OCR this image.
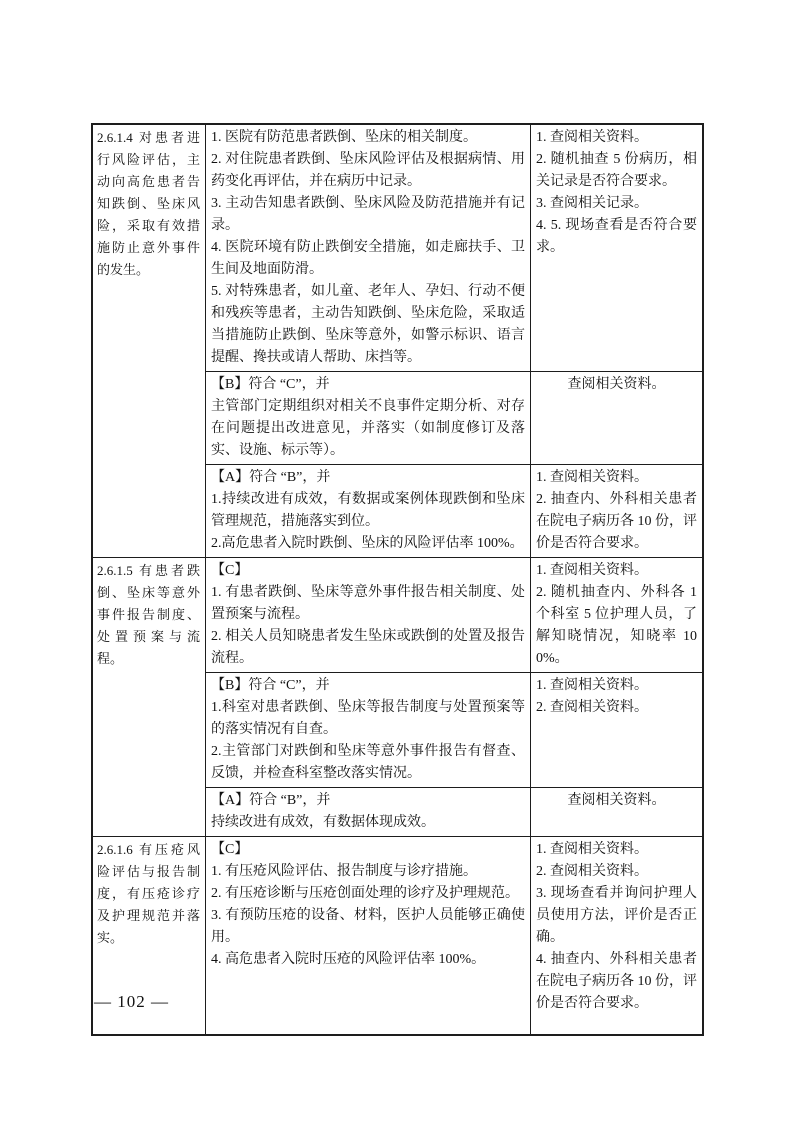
2.6.1.4 对患者进行风险评估，主动向高危患者告知跌倒、坠床风险，采取有效措施防止意外事件的发生。

1. 医院有防范患者跌倒、坠床的相关制度。

2. 对住院患者跌倒、坠床风险评估及根据病情、用药变化再评估，并在病历中记录。

3. 主动告知患者跌倒、坠床风险及防范措施并有记录。

4. 医院环境有防止跌倒安全措施，如走廊扶手、卫生间及地面防滑。

5. 对特殊患者，如儿童、老年人、孕妇、行动不便和残疾等患者，主动告知跌倒、坠床危险，采取适当措施防止跌倒、坠床等意外，如警示标识、语言提醒、搀扶或请人帮助、床挡等。

1. 查阅相关资料。

2. 随机抽查 5 份病历，相关记录是否符合要求。

3. 查阅相关记录。

4. 5. 现场查看是否符合要求。

【B】符合 “C”，并

主管部门定期组织对相关不良事件定期分析、对存在问题提出改进意见，并落实（如制度修订及落实、设施、标示等）。

查阅相关资料。

【A】符合 “B”，并

1.持续改进有成效，有数据或案例体现跌倒和坠床管理规范，措施落实到位。

2.高危患者入院时跌倒、坠床的风险评估率 100%。

1. 查阅相关资料。

2. 抽查内、外科相关患者在院电子病历各 10 份，评价是否符合要求。

2.6.1.5 有患者跌倒、坠床等意外事件报告制度、处置预案与流程。

【C】

1. 有患者跌倒、坠床等意外事件报告相关制度、处置预案与流程。

2. 相关人员知晓患者发生坠床或跌倒的处置及报告流程。

1. 查阅相关资料。

2. 随机抽查内、外科各 1 个科室 5 位护理人员，了解知晓情况，知晓率 100%。

【B】符合 “C”，并

1.科室对患者跌倒、坠床等报告制度与处置预案等的落实情况有自查。

2.主管部门对跌倒和坠床等意外事件报告有督查、反馈，并检查科室整改落实情况。

1. 查阅相关资料。

2. 查阅相关资料。

【A】符合 “B”，并

持续改进有成效，有数据体现成效。

查阅相关资料。

2.6.1.6 有压疮风险评估与报告制度，有压疮诊疗及护理规范并落实。

【C】

1. 有压疮风险评估、报告制度与诊疗措施。

2. 有压疮诊断与压疮创面处理的诊疗及护理规范。

3. 有预防压疮的设备、材料，医护人员能够正确使用。

4. 高危患者入院时压疮的风险评估率 100%。

1. 查阅相关资料。

2. 查阅相关资料。

3. 现场查看并询问护理人员使用方法，评价是否正确。

4. 抽查内、外科相关患者在院电子病历各 10 份，评价是否符合要求。

— 102 —
